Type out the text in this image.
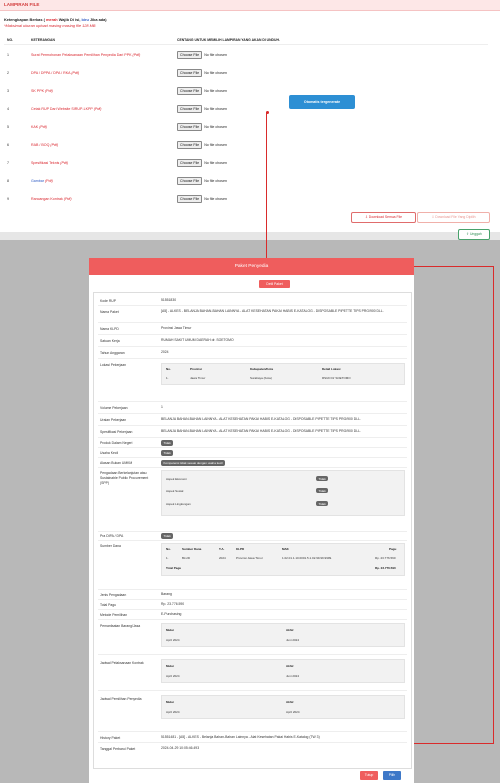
LAMPIRAN FILE
Ketengkapan Berkas ( merah Wajib Di isi, biru Jika ada)
*Maksimal ukuran upload masing masing file 128 MB
NO.	KETERANGAN	CENTANG UNTUK MEMILIH LAMPIRAN YANG AKAN DI UNDUH.
1	Surat Permohonan Pelaksanaan Pemilihan Penyedia Dari PPK (Pdf)	Choose File	No file chosen
2	DPA / DPPA / DPA / RKA (Pdf)	Choose File	No file chosen
3	SK PPK (Pdf)	Choose File	No file chosen
4	Cetak RUP Dari Website SIRUP-LKPP (Pdf)	Choose File	No file chosen
5	KAK (Pdf)	Choose File	No file chosen
6	RAB / BOQ (Pdf)	Choose File	No file chosen
7	Spesifikasi Teknis (Pdf)	Choose File	No file chosen
8	Gambar (Pdf)	Choose File	No file chosen
9	Rancangan Kontrak (Pdf)	Choose File	No file chosen
Otomatis tergenerate
⇩ Download Semua File	⇩ Download File Yang Dipilih
⇧ Unggah
Paket Penyedia
Detil Paket
Kode RUP	51551830
Nama Paket	[A5] - ALKES - BELANJA BAHAN-BAHAN LAINNYA - ALAT KESEHATAN PAKAI HABIS E-KATALOG - DISPOSABLE PIPETTE TIPS PRG/900 DLL.
Nama KLPD	Provinsi Jawa Timur
Satuan Kerja	RUMAH SAKIT UMUM DAERAH dr. SOETOMO
Tahun Anggaran	2024
Lokasi Pekerjaan
No.	Provinsi	Kabupaten/Kota	Detail Lokasi
1.	Jawa Timur	Surabaya (Kota)	RSUD Dr SOETOMO
Volume Pekerjaan	1
Uraian Pekerjaan	BELANJA BAHAN-BAHAN LAINNYA - ALAT KESEHATAN PAKAI HABIS E-KATALOG - DISPOSABLE PIPETTE TIPS PRG/900 DLL.
Spesifikasi Pekerjaan	BELANJA BAHAN-BAHAN LAINNYA - ALAT KESEHATAN PAKAI HABIS E-KATALOG - DISPOSABLE PIPETTE TIPS PRG/900 DLL.
Produk Dalam Negeri	Tidak
Usaha Kecil	Tidak
Alasan Bukan UMKM	Kompetensi tidak sesuai dengan usaha kecil
Pengadaan Berkelanjutan atau Sustainable Public Procurement (SPP)
Aspek Ekonomi	Tidak
Aspek Sosial	Tidak
Aspek Lingkungan	Tidak
Pra DIPA / DPA	Tidak
Sumber Dana
No.	Sumber Dana	T.A.	KLPD	MAK	Pagu
1.	BLUD	2024	Provinsi Jawa Timur	1.02.01.1.10.0001.5.1.02.99.99.9999.	Rp. 23.776.590
Total Pagu	Rp. 23.776.590
Jenis Pengadaan	Barang
Total Pagu	Rp. 23.776.590
Metode Pemilihan	E-Purchasing
Pemanfaatan Barang/Jasa
Mulai	Akhir
April 2024	Juni 2024
Jadwal Pelaksanaan Kontrak
Mulai	Akhir
April 2024	Juni 2024
Jadwal Pemilihan Penyedia
Mulai	Akhir
April 2024	April 2024
History Paket	51551481 - [A5] - ALKES - Belanja Bahan-Bahan Lainnya - Alat Kesehatan Pakai Habis E-Katalog (TW 3)
Tanggal Perbarui Paket	2024-04-29 10:05:46.493
Tutup	Pilih
